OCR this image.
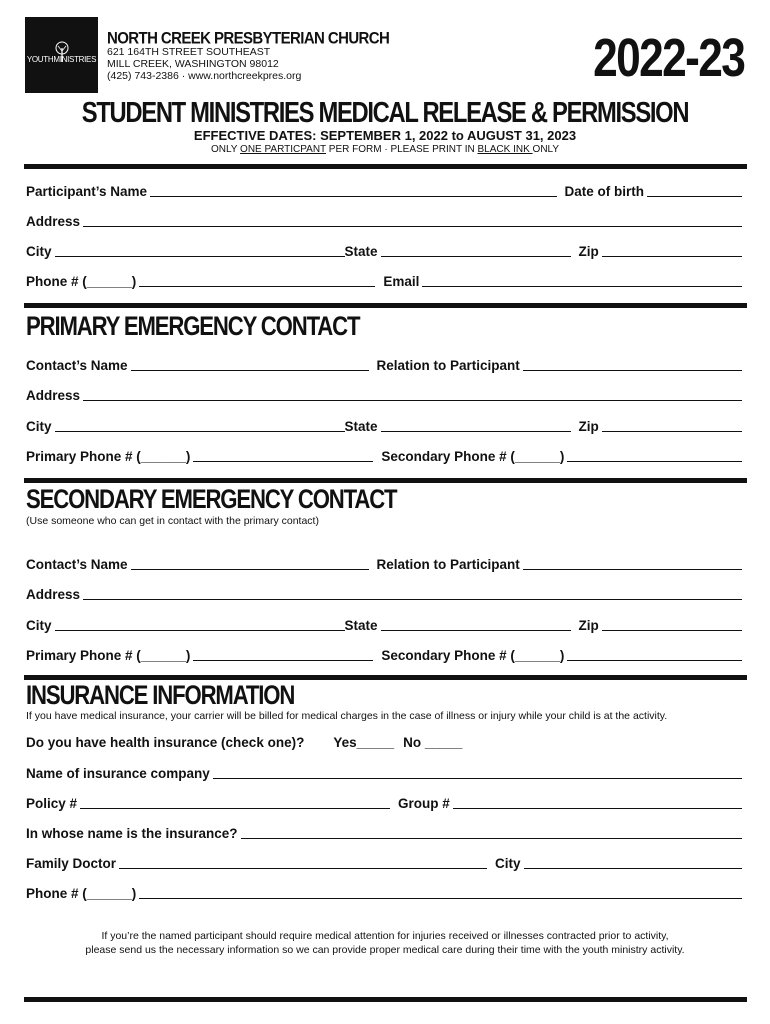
YOUTHMINISTRIES
NORTH CREEK PRESBYTERIAN CHURCH
621 164TH STREET SOUTHEAST
MILL CREEK, WASHINGTON 98012
(425) 743-2386 · www.northcreekpres.org	2022-23
STUDENT MINISTRIES MEDICAL RELEASE & PERMISSION
EFFECTIVE DATES: SEPTEMBER 1, 2022 to AUGUST 31, 2023
ONLY ONE PARTICPANT PER FORM · PLEASE PRINT IN BLACK INK ONLY
Participant’s Name	Date of birth
Address
City	State	Zip
Phone # (______)	Email
PRIMARY EMERGENCY CONTACT
Contact’s Name	Relation to Participant
Address
City	State	Zip
Primary Phone # (______)	Secondary Phone # (______)
SECONDARY EMERGENCY CONTACT
(Use someone who can get in contact with the primary contact)
Contact’s Name	Relation to Participant
Address
City	State	Zip
Primary Phone # (______)	Secondary Phone # (______)
INSURANCE INFORMATION
If you have medical insurance, your carrier will be billed for medical charges in the case of illness or injury while your child is at the activity.
Do you have health insurance (check one)? Yes_____ No _____
Name of insurance company
Policy #	Group #
In whose name is the insurance?
Family Doctor	City
Phone # (______)
If you’re the named participant should require medical attention for injuries received or illnesses contracted prior to activity,
please send us the necessary information so we can provide proper medical care during their time with the youth ministry activity.
